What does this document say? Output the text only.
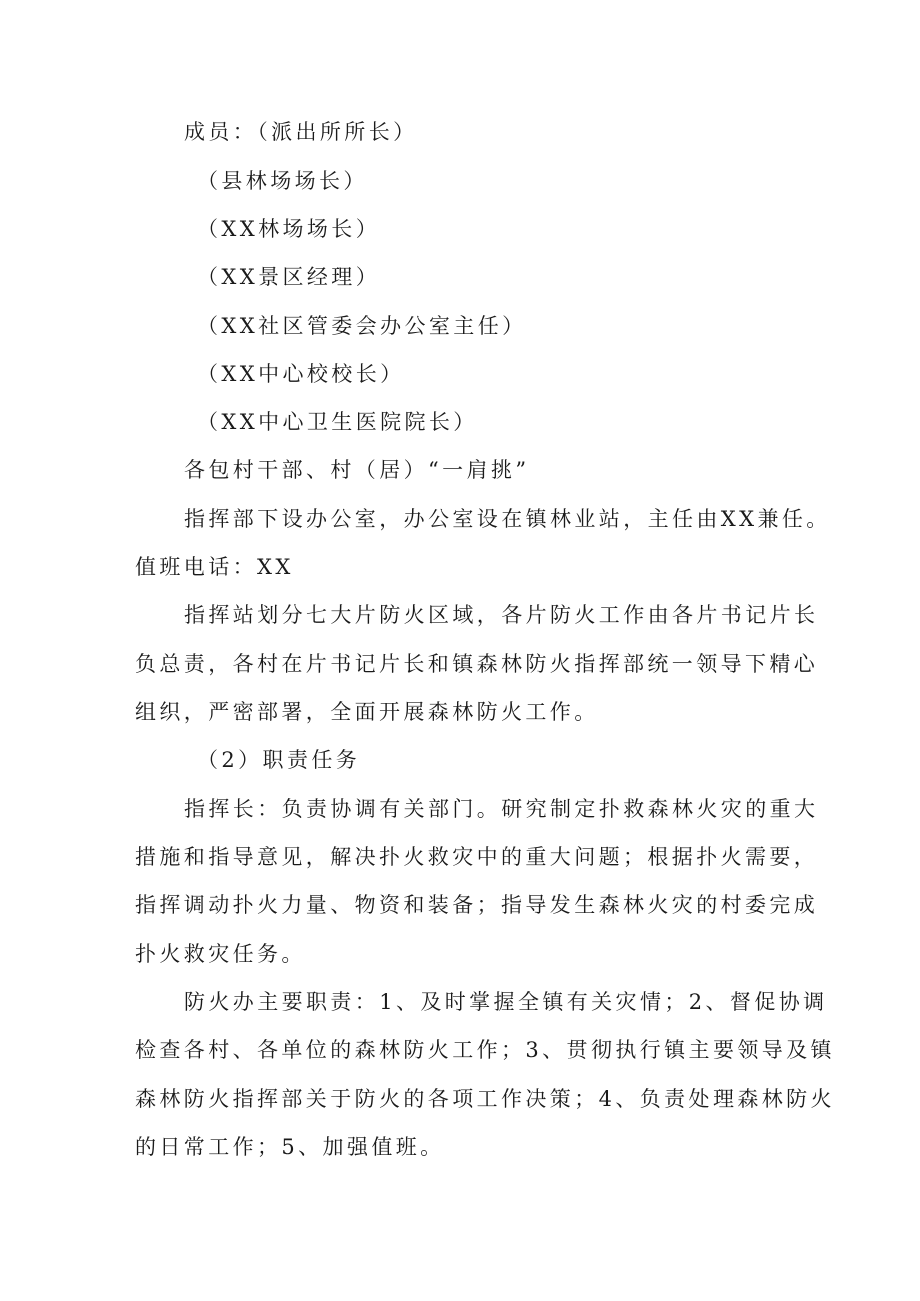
成员：（派出所所长）
（县林场场长）
（XX林场场长）
（XX景区经理）
（XX社区管委会办公室主任）
（XX中心校校长）
（XX中心卫生医院院长）
各包村干部、村（居）“一肩挑”
指挥部下设办公室，办公室设在镇林业站，主任由XX兼任。
值班电话：XX
指挥站划分七大片防火区域，各片防火工作由各片书记片长
负总责，各村在片书记片长和镇森林防火指挥部统一领导下精心
组织，严密部署，全面开展森林防火工作。
（2）职责任务
指挥长：负责协调有关部门。研究制定扑救森林火灾的重大
措施和指导意见，解决扑火救灾中的重大问题；根据扑火需要，
指挥调动扑火力量、物资和装备；指导发生森林火灾的村委完成
扑火救灾任务。
防火办主要职责：1、及时掌握全镇有关灾情；2、督促协调
检查各村、各单位的森林防火工作；3、贯彻执行镇主要领导及镇
森林防火指挥部关于防火的各项工作决策；4、负责处理森林防火
的日常工作；5、加强值班。
